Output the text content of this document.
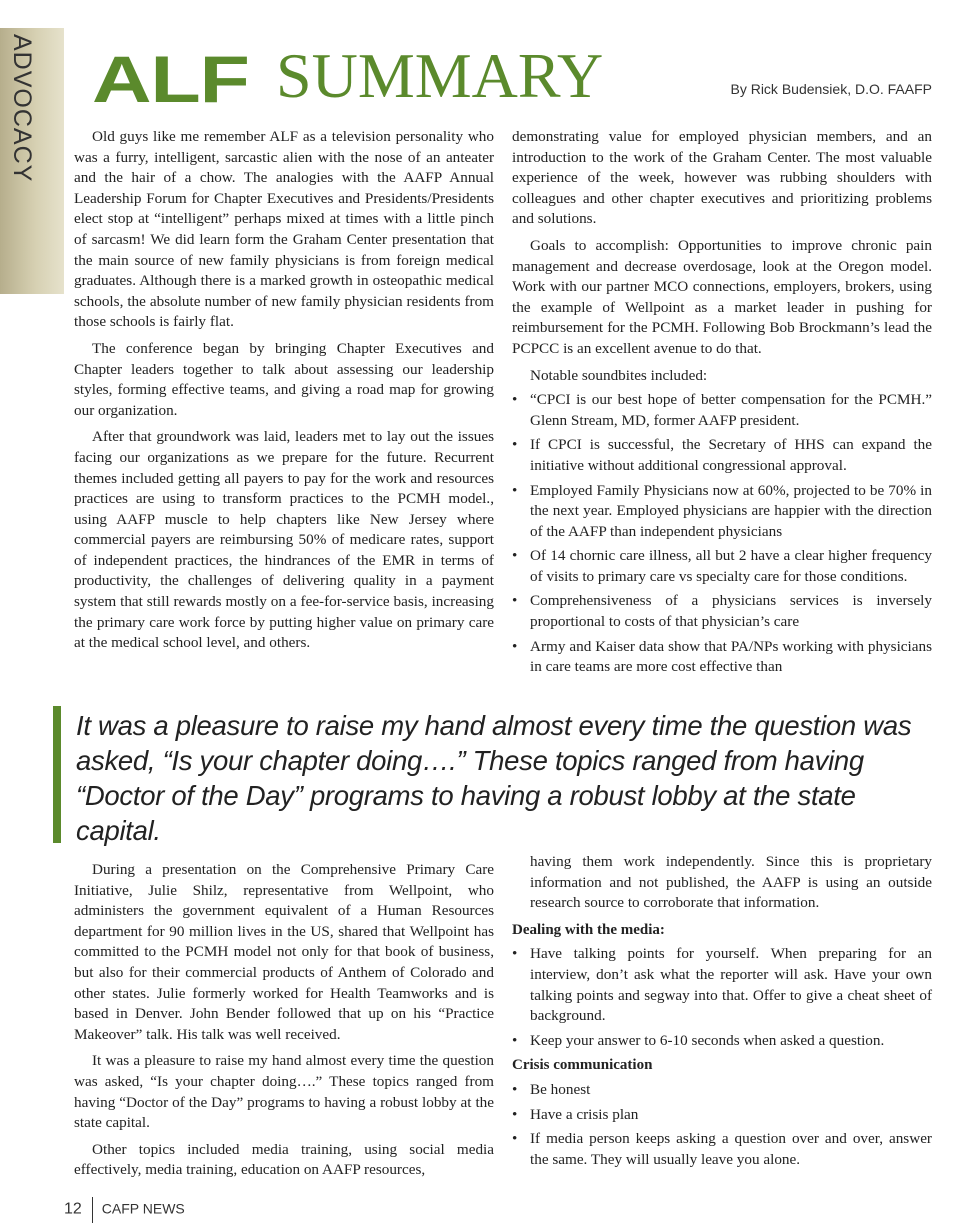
ADVOCACY ALF SUMMARY	By Rick Budensiek, D.O. FAAFP

Old guys like me remember ALF as a television personality who was a furry, intelligent, sarcastic alien with the nose of an anteater and the hair of a chow. The analogies with the AAFP Annual Leadership Forum for Chapter Executives and Presidents/Presidents elect stop at “intelligent” perhaps mixed at times with a little pinch of sarcasm! We did learn form the Graham Center presentation that the main source of new family physicians is from foreign medical graduates. Although there is a marked growth in osteopathic medical schools, the absolute number of new family physician residents from those schools is fairly flat.

The conference began by bringing Chapter Executives and Chapter leaders together to talk about assessing our leadership styles, forming effective teams, and giving a road map for growing our organization.

After that groundwork was laid, leaders met to lay out the issues facing our organizations as we prepare for the future. Recurrent themes included getting all payers to pay for the work and resources practices are using to transform practices to the PCMH model., using AAFP muscle to help chapters like New Jersey where commercial payers are reimbursing 50% of medicare rates, support of independent practices, the hindrances of the EMR in terms of productivity, the challenges of delivering quality in a payment system that still rewards mostly on a fee-for-service basis, increasing the primary care work force by putting higher value on primary care at the medical school level, and others.

demonstrating value for employed physician members, and an introduction to the work of the Graham Center. The most valuable experience of the week, however was rubbing shoulders with colleagues and other chapter executives and prioritizing problems and solutions.

Goals to accomplish: Opportunities to improve chronic pain management and decrease overdosage, look at the Oregon model. Work with our partner MCO connections, employers, brokers, using the example of Wellpoint as a market leader in pushing for reimbursement for the PCMH. Following Bob Brockmann’s lead the PCPCC is an excellent avenue to do that.

Notable soundbites included:
• “CPCI is our best hope of better compensation for the PCMH.” Glenn Stream, MD, former AAFP president.
• If CPCI is successful, the Secretary of HHS can expand the initiative without additional congressional approval.
• Employed Family Physicians now at 60%, projected to be 70% in the next year. Employed physicians are happier with the direction of the AAFP than independent physicians
• Of 14 chornic care illness, all but 2 have a clear higher frequency of visits to primary care vs specialty care for those conditions.
• Comprehensiveness of a physicians services is inversely proportional to costs of that physician’s care
• Army and Kaiser data show that PA/NPs working with physicians in care teams are more cost effective than
It was a pleasure to raise my hand almost every time the question was asked, “Is your chapter doing….” These topics ranged from having “Doctor of the Day” programs to having a robust lobby at the state capital.

During a presentation on the Comprehensive Primary Care Initiative, Julie Shilz, representative from Wellpoint, who administers the government equivalent of a Human Resources department for 90 million lives in the US, shared that Wellpoint has committed to the PCMH model not only for that book of business, but also for their commercial products of Anthem of Colorado and other states. Julie formerly worked for Health Teamworks and is based in Denver. John Bender followed that up on his “Practice Makeover” talk. His talk was well received.

It was a pleasure to raise my hand almost every time the question was asked, “Is your chapter doing….” These topics ranged from having “Doctor of the Day” programs to having a robust lobby at the state capital.

Other topics included media training, using social media effectively, media training, education on AAFP resources,

having them work independently. Since this is proprietary information and not published, the AAFP is using an outside research source to corroborate that information.

Dealing with the media:
• Have talking points for yourself. When preparing for an interview, don’t ask what the reporter will ask. Have your own talking points and segway into that. Offer to give a cheat sheet of background.
• Keep your answer to 6-10 seconds when asked a question.
Crisis communication
• Be honest
• Have a crisis plan
• If media person keeps asking a question over and over, answer the same. They will usually leave you alone.
12 CAFP NEWS
